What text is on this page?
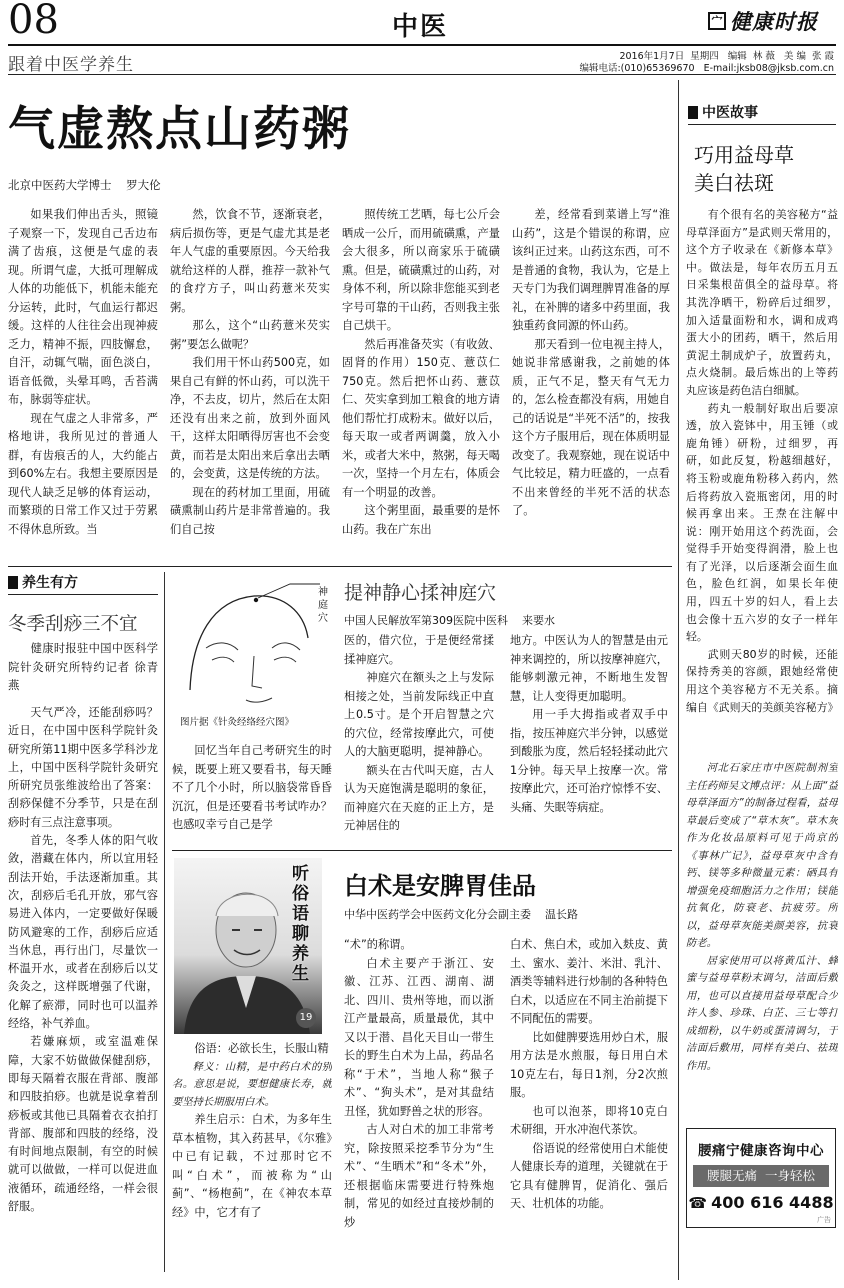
08	中医	宀 健康时报
跟着中医学养生	2016年1月7日  星期四   编辑  林 薇   美 编  张 霞
编辑电话:(010)65369670   E-mail:jksb08@jksb.com.cn
气虚熬点山药粥
北京中医药大学博士    罗大伦

如果我们伸出舌头，照镜子观察一下，发现自己舌边布满了齿痕，这便是气虚的表现。所谓气虚，大抵可理解成人体的功能低下，机能未能充分运转，此时，气血运行都迟缓。这样的人往往会出现神疲乏力，精神不振，四肢懈怠，自汗，动辄气喘，面色淡白，语音低微，头晕耳鸣，舌苔满布，脉弱等症状。

现在气虚之人非常多，严格地讲，我所见过的普通人群，有齿痕舌的人，大约能占到60%左右。我想主要原因是现代人缺乏足够的体育运动，而繁琐的日常工作又过于劳累不得休息所致。当

然，饮食不节，逐渐衰老，病后损伤等，更是气虚尤其是老年人气虚的重要原因。今天给我就给这样的人群，推荐一款补气的食疗方子，叫山药薏米芡实粥。

那么，这个“山药薏米芡实粥”要怎么做呢？

我们用干怀山药500克，如果自己有鲜的怀山药，可以洗干净，不去皮，切片，然后在太阳还没有出来之前，放到外面风干，这样太阳晒得厉害也不会变黄，而若是太阳出来后拿出去晒的，会变黄，这是传统的方法。

现在的药材加工里面，用硫磺熏制山药片是非常普遍的。我们自己按

照传统工艺晒，每七公斤会晒成一公斤，而用硫磺熏，产量会大很多，所以商家乐于硫磺熏。但是，硫磺熏过的山药，对身体不利，所以除非您能买到老字号可靠的干山药，否则我主张自己烘干。

然后再准备芡实（有收敛、固肾的作用）150克、薏苡仁750克。然后把怀山药、薏苡仁、芡实拿到加工粮食的地方请他们帮忙打成粉末。做好以后，每天取一或者两调羹，放入小米，或者大米中，熬粥，每天喝一次，坚持一个月左右，体质会有一个明显的改善。

这个粥里面，最重要的是怀山药。我在广东出

差，经常看到菜谱上写“淮山药”，这是个错误的称谓，应该纠正过来。山药这东西，可不是普通的食物，我认为，它是上天专门为我们调理脾胃准备的厚礼，在补脾的诸多中药里面，我独重药食同源的怀山药。

那天看到一位电视主持人，她说非常感谢我，之前她的体质，正气不足，整天有气无力的，怎么检查都没有病，用她自己的话说是“半死不活”的，按我这个方子服用后，现在体质明显改变了。我观察她，现在说话中气比较足，精力旺盛的，一点看不出来曾经的半死不活的状态了。

中医故事
巧用益母草
美白祛斑

有个很有名的美容秘方“益母草泽面方”是武则天常用的，这个方子收录在《新修本草》中。做法是，每年农历五月五日采集根苗俱全的益母草。将其洗净晒干，粉碎后过细罗，加入适量面粉和水，调和成鸡蛋大小的团药，晒干，然后用黄泥土制成炉子，放置药丸，点火烧制。最后炼出的上等药丸应该是药色洁白细腻。

药丸一般制好取出后要凉透，放入瓷钵中，用玉锤（或鹿角锤）研粉，过细罗，再研，如此反复，粉越细越好，将玉粉或鹿角粉移入药内，然后将药放入瓷瓶密闭，用的时候再拿出来。王焘在注解中说：刚开始用这个药洗面，会觉得手开始变得润滑，脸上也有了光泽，以后逐渐会面生血色，脸色红润，如果长年使用，四五十岁的妇人，看上去也会像十五六岁的女子一样年轻。

武则天80岁的时候，还能保持秀美的容颜，跟她经常使用这个美容秘方不无关系。摘编自《武则天的美颜美容秘方》

河北石家庄市中医院制剂室主任药师吴文博点评：从上面“益母草泽面方”的制备过程看，益母草最后变成了“草木灰”。草木灰作为化妆品原料可见于尚京的《事林广记》，益母草灰中含有钙、镁等多种微量元素：硒具有增强免疫细胞活力之作用；镁能抗氧化，防衰老、抗疲劳。所以，益母草灰能美颜美容，抗衰防老。

居家使用可以将黄瓜汁、蜂蜜与益母草粉末调匀，洁面后敷用，也可以直接用益母草配合少许人参、珍珠、白芷、三七等打成细粉，以牛奶或蛋清调匀，于洁面后敷用，同样有美白、祛斑作用。

腰痛宁健康咨询中心
腰腿无痛  一身轻松
☎ 400 616 4488
广告
养生有方
冬季刮痧三不宜

健康时报驻中国中医科学院针灸研究所特约记者 徐青燕

天气严冷，还能刮痧吗？近日，在中国中医科学院针灸研究所第11期中医多学科沙龙上，中国中医科学院针灸研究所研究员张维波给出了答案：刮痧保健不分季节，只是在刮痧时有三点注意事项。

首先，冬季人体的阳气收敛，潜藏在体内，所以宜用轻刮法开始，手法逐渐加重。其次，刮痧后毛孔开放，邪气容易进入体内，一定要做好保暖防风避寒的工作，刮痧后应适当休息，再行出门，尽量饮一杯温开水，或者在刮痧后以艾灸灸之，这样既增强了代谢，化解了瘀滞，同时也可以温养经络，补气养血。

若嫌麻烦，或室温难保障，大家不妨做做保健刮痧，即每天隔着衣服在背部、腹部和四肢拍痧。也就是说拿着刮痧板或其他已具隔着衣衣拍打背部、腹部和四肢的经络，没有时间地点限制，有空的时候就可以做做，一样可以促进血液循环，疏通经络，一样会很舒服。

神庭穴
图片据《针灸经络经穴图》
提神静心揉神庭穴
中国人民解放军第309医院中医科    来要水

回忆当年自己考研究生的时候，既要上班又要看书，每天睡不了几个小时，所以脑袋常昏昏沉沉，但是还要看书考试咋办？也感叹幸亏自己是学

医的，借穴位，于是便经常揉揉神庭穴。

神庭穴在额头之上与发际相接之处，当前发际线正中直上0.5寸。是个开启智慧之穴的穴位，经常按摩此穴，可使人的大脑更聪明，提神静心。

额头在古代叫天庭，古人认为天庭饱满是聪明的象征，而神庭穴在天庭的正上方，是元神居住的

地方。中医认为人的智慧是由元神来调控的，所以按摩神庭穴，能够刺激元神，不断地生发智慧，让人变得更加聪明。

用一手大拇指或者双手中指，按压神庭穴半分钟，以感觉到酸胀为度，然后轻轻揉动此穴1分钟。每天早上按摩一次。常按摩此穴，还可治疗惊悸不安、头痛、失眠等病症。

听俗语聊养生
19
白术是安脾胃佳品
中华中医药学会中医药文化分会副主委    温长路

俗语：必欲长生，长服山精

释义：山精，是中药白术的别名。意思是说，要想健康长寿，就要坚持长期服用白术。

养生启示：白术，为多年生草本植物，其入药甚早，《尔雅》中已有记载，不过那时它不叫“白术”，而被称为“山蓟”、“杨枹蓟”，在《神农本草经》中，它才有了

“术”的称谓。

白术主要产于浙江、安徽、江苏、江西、湖南、湖北、四川、贵州等地，而以浙江产量最高，质量最优，其中又以于潜、昌化天目山一带生长的野生白术为上品，药品名称“于术”，当地人称“猴子术”、“狗头术”，是对其盘结丑怪，犹如野兽之状的形容。

古人对白术的加工非常考究，除按照采挖季节分为“生术”、“生晒术”和“冬术”外，还根据临床需要进行特殊炮制，常见的如经过直接炒制的炒

白术、焦白术，或加入麸皮、黄土、蜜水、姜汁、米泔、乳汁、酒类等辅料进行炒制的各种特色白术，以适应在不同主治前提下不同配伍的需要。

比如健脾要选用炒白术，服用方法是水煎服，每日用白术10克左右，每日1剂，分2次煎服。

也可以泡茶，即将10克白术研细，开水冲泡代茶饮。

俗语说的经常使用白术能使人健康长寿的道理，关键就在于它具有健脾胃，促消化、强后天、壮机体的功能。
